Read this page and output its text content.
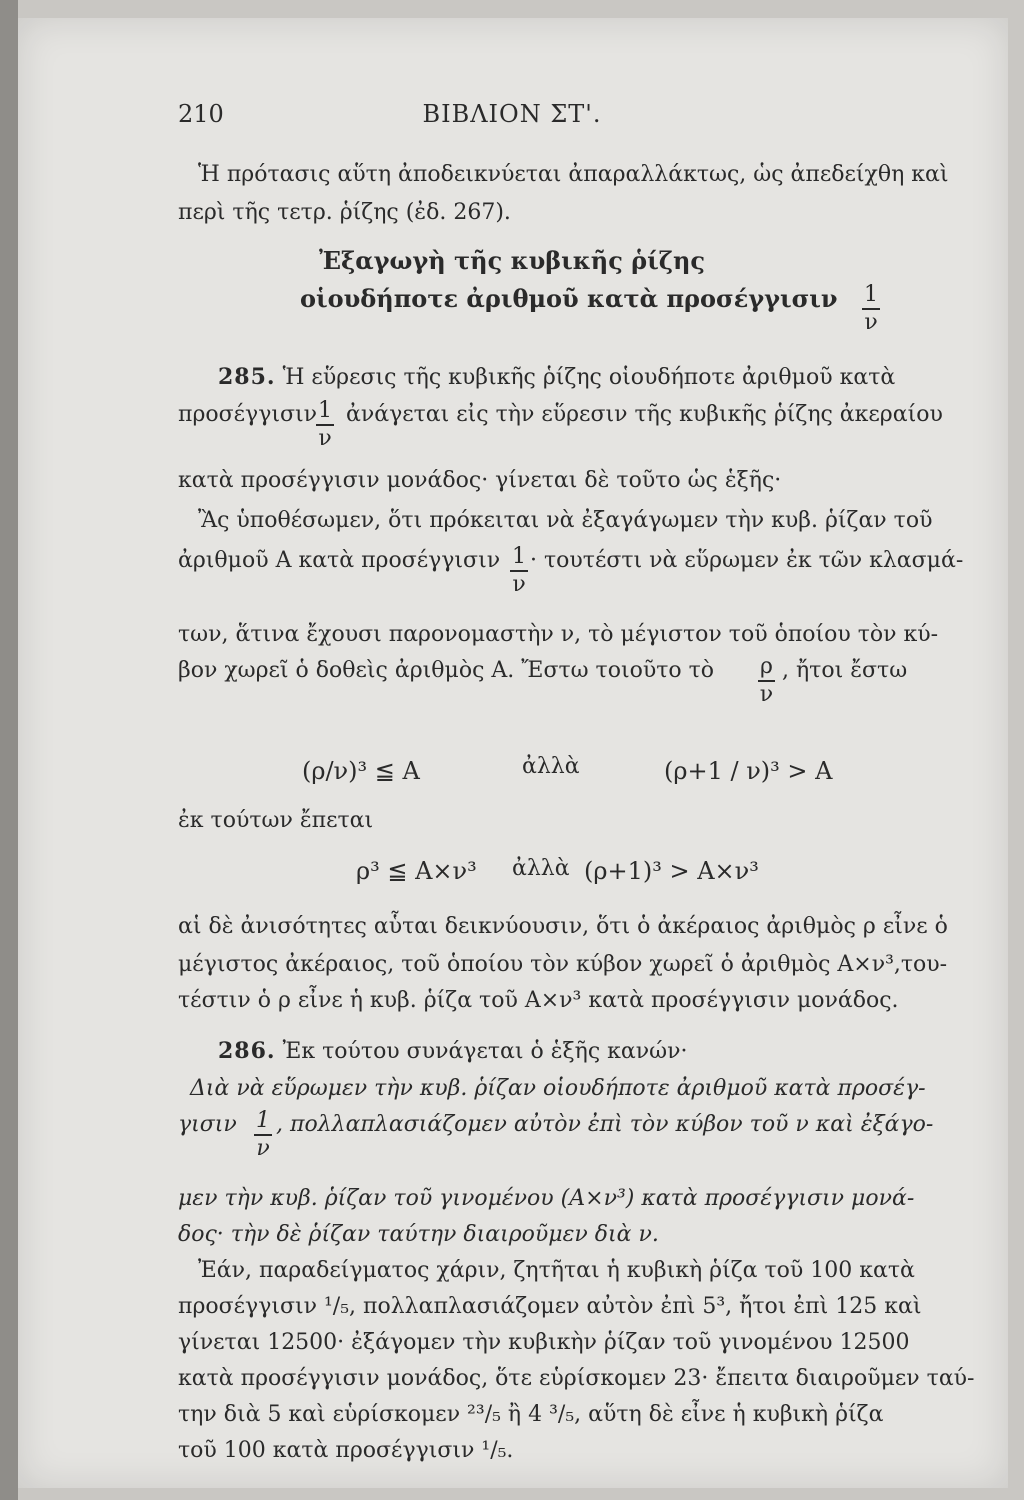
210	ΒΙΒΛΙΟΝ ΣΤ'.
Ἡ πρότασις αὕτη ἀποδεικνύεται ἀπαραλλάκτως, ὡς ἀπεδείχθη καὶ
περὶ τῆς τετρ. ῥίζης (ἐδ. 267).
Ἐξαγωγὴ τῆς κυβικῆς ῥίζης
οἱουδήποτε ἀριθμοῦ κατὰ προσέγγισιν $\frac{1}{\nu}$
285. Ἡ εὕρεσις τῆς κυβικῆς ῥίζης οἱουδήποτε ἀριθμοῦ κατὰ
προσέγγισιν $\frac{1}{\nu}$ ἀνάγεται εἰς τὴν εὕρεσιν τῆς κυβικῆς ῥίζης ἀκεραίου
κατὰ προσέγγισιν μονάδος· γίνεται δὲ τοῦτο ὡς ἑξῆς·
Ἂς ὑποθέσωμεν, ὅτι πρόκειται νὰ ἐξαγάγωμεν τὴν κυβ. ῥίζαν τοῦ
ἀριθμοῦ Α κατὰ προσέγγισιν $\frac{1}{\nu} \cdot \tau o\upsilon\tau έ\sigma\tau\iota$ νὰ εὕρωμεν ἐκ τῶν κλασμά-
των, ἅτινα ἔχουσι παρονομαστὴν ν, τὸ μέγιστον τοῦ ὁποίου τὸν κύ-
βον χωρεῖ ὁ δοθεὶς ἀριθμὸς Α. Ἔστω τοιοῦτο τὸ	$\frac{\rho}{\nu}$ , ἤτοι ἔστω
(ρ/ν)³ ≦ Α	ἀλλὰ	(ρ+1 / ν)³ > Α
ἐκ τούτων ἔπεται
ρ³ ≦ Α×ν³ ἀλλὰ (ρ+1)³ > Α×ν³
αἱ δὲ ἀνισότητες αὗται δεικνύουσιν, ὅτι ὁ ἀκέραιος ἀριθμὸς ρ εἶνε ὁ
μέγιστος ἀκέραιος, τοῦ ὁποίου τὸν κύβον χωρεῖ ὁ ἀριθμὸς Α×ν³,του-
τέστιν ὁ ρ εἶνε ἡ κυβ. ῥίζα τοῦ Α×ν³ κατὰ προσέγγισιν μονάδος.
286. Ἐκ τούτου συνάγεται ὁ ἑξῆς κανών·
Διὰ νὰ εὕρωμεν τὴν κυβ. ῥίζαν οἱουδήποτε ἀριθμοῦ κατὰ προσέγ-
γισιν $\frac{1}{\nu}$ , πολλαπλασιάζομεν αὐτὸν ἐπὶ τὸν κύβον τοῦ ν καὶ ἐξάγο-
μεν τὴν κυβ. ῥίζαν τοῦ γινομένου (Α×ν³) κατὰ προσέγγισιν μονά-
δος· τὴν δὲ ῥίζαν ταύτην διαιροῦμεν διὰ ν.
Ἐάν, παραδείγματος χάριν, ζητῆται ἡ κυβικὴ ῥίζα τοῦ 100 κατὰ
προσέγγισιν ¹/₅, πολλαπλασιάζομεν αὐτὸν ἐπὶ 5³, ἤτοι ἐπὶ 125 καὶ
γίνεται 12500· ἐξάγομεν τὴν κυβικὴν ῥίζαν τοῦ γινομένου 12500
κατὰ προσέγγισιν μονάδος, ὅτε εὑρίσκομεν 23· ἔπειτα διαιροῦμεν ταύ-
την διὰ 5 καὶ εὑρίσκομεν ²³/₅ ἢ 4 ³/₅, αὕτη δὲ εἶνε ἡ κυβικὴ ῥίζα
τοῦ 100 κατὰ προσέγγισιν ¹/₅.
